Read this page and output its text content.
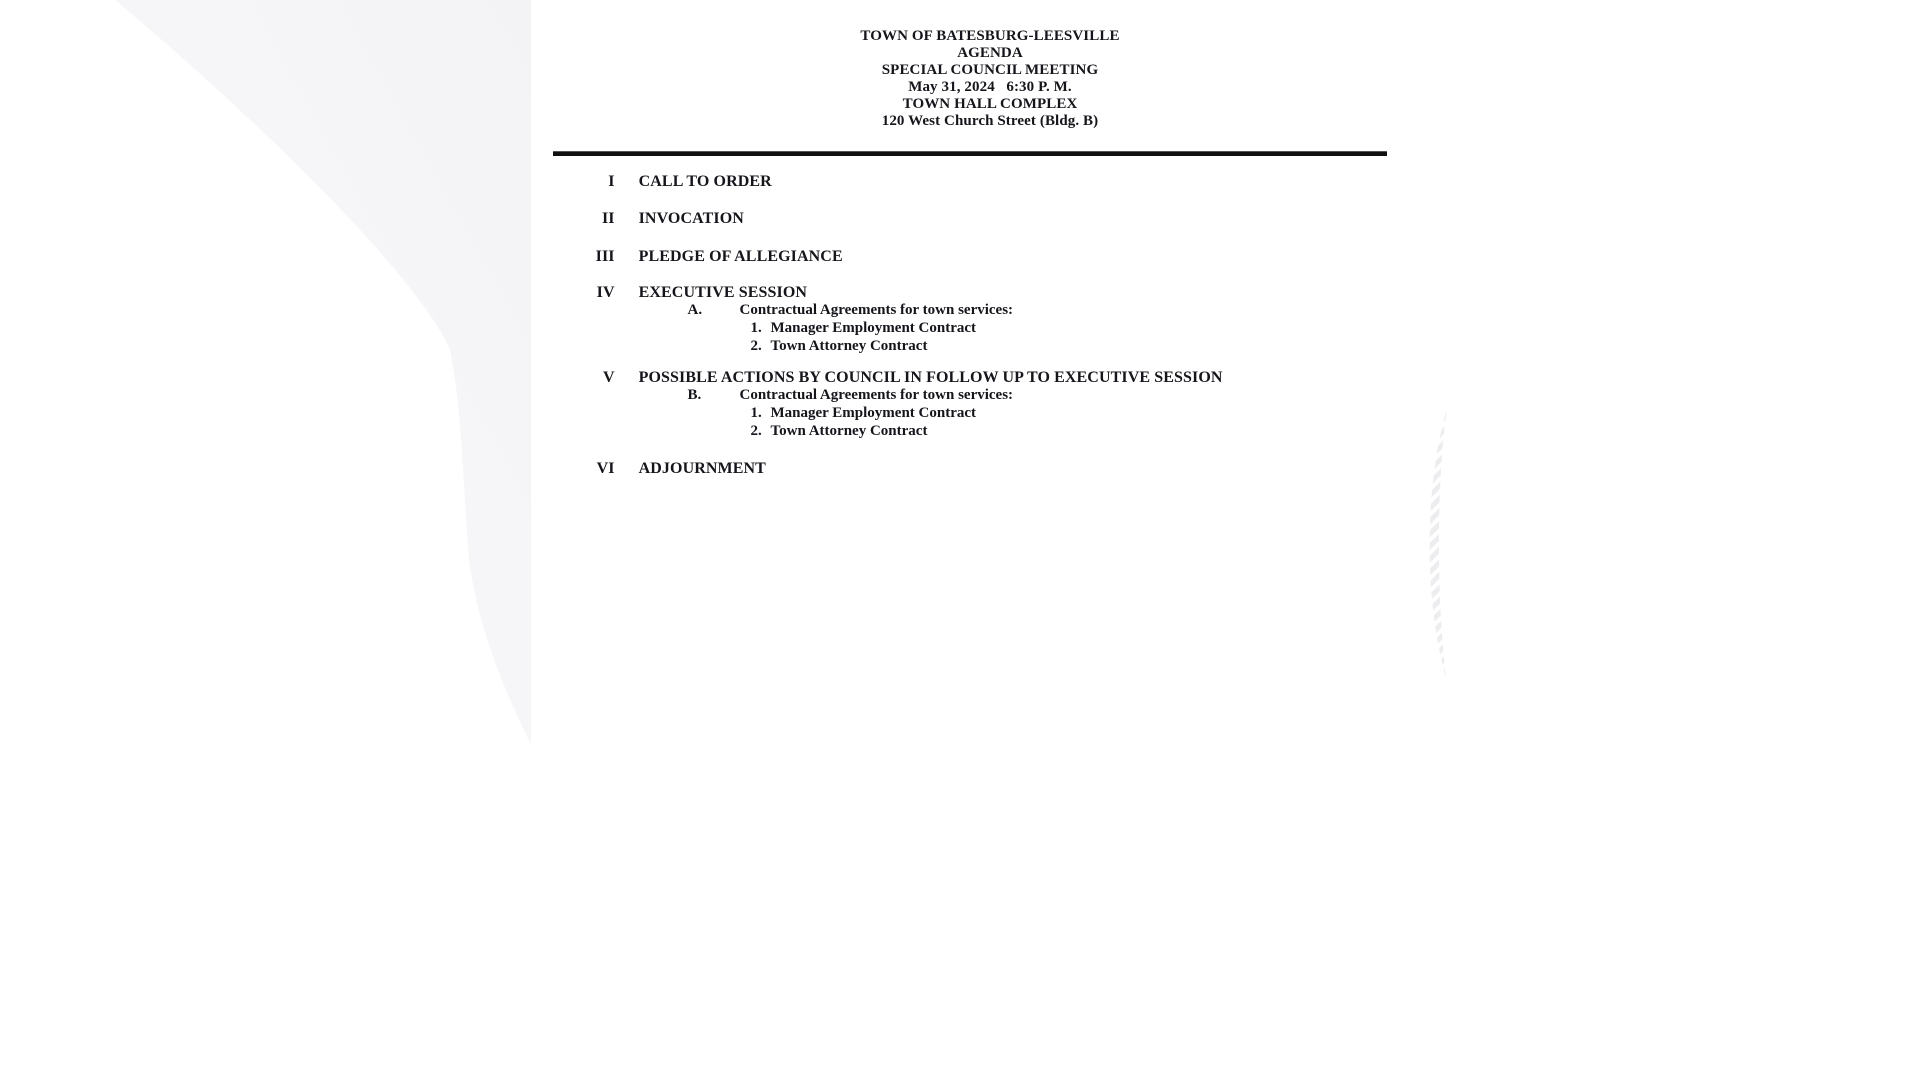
TOWN OF BATESBURG-LEESVILLE
AGENDA
SPECIAL COUNCIL MEETING
May 31, 2024   6:30 P. M.
TOWN HALL COMPLEX
120 West Church Street (Bldg. B)

I CALL TO ORDER

II INVOCATION

III PLEDGE OF ALLEGIANCE

IV EXECUTIVE SESSION

A. Contractual Agreements for town services:

1. Manager Employment Contract

2. Town Attorney Contract

V POSSIBLE ACTIONS BY COUNCIL IN FOLLOW UP TO EXECUTIVE SESSION

B.	Contractual Agreements for town services:

1. Manager Employment Contract

2. Town Attorney Contract

VI ADJOURNMENT
